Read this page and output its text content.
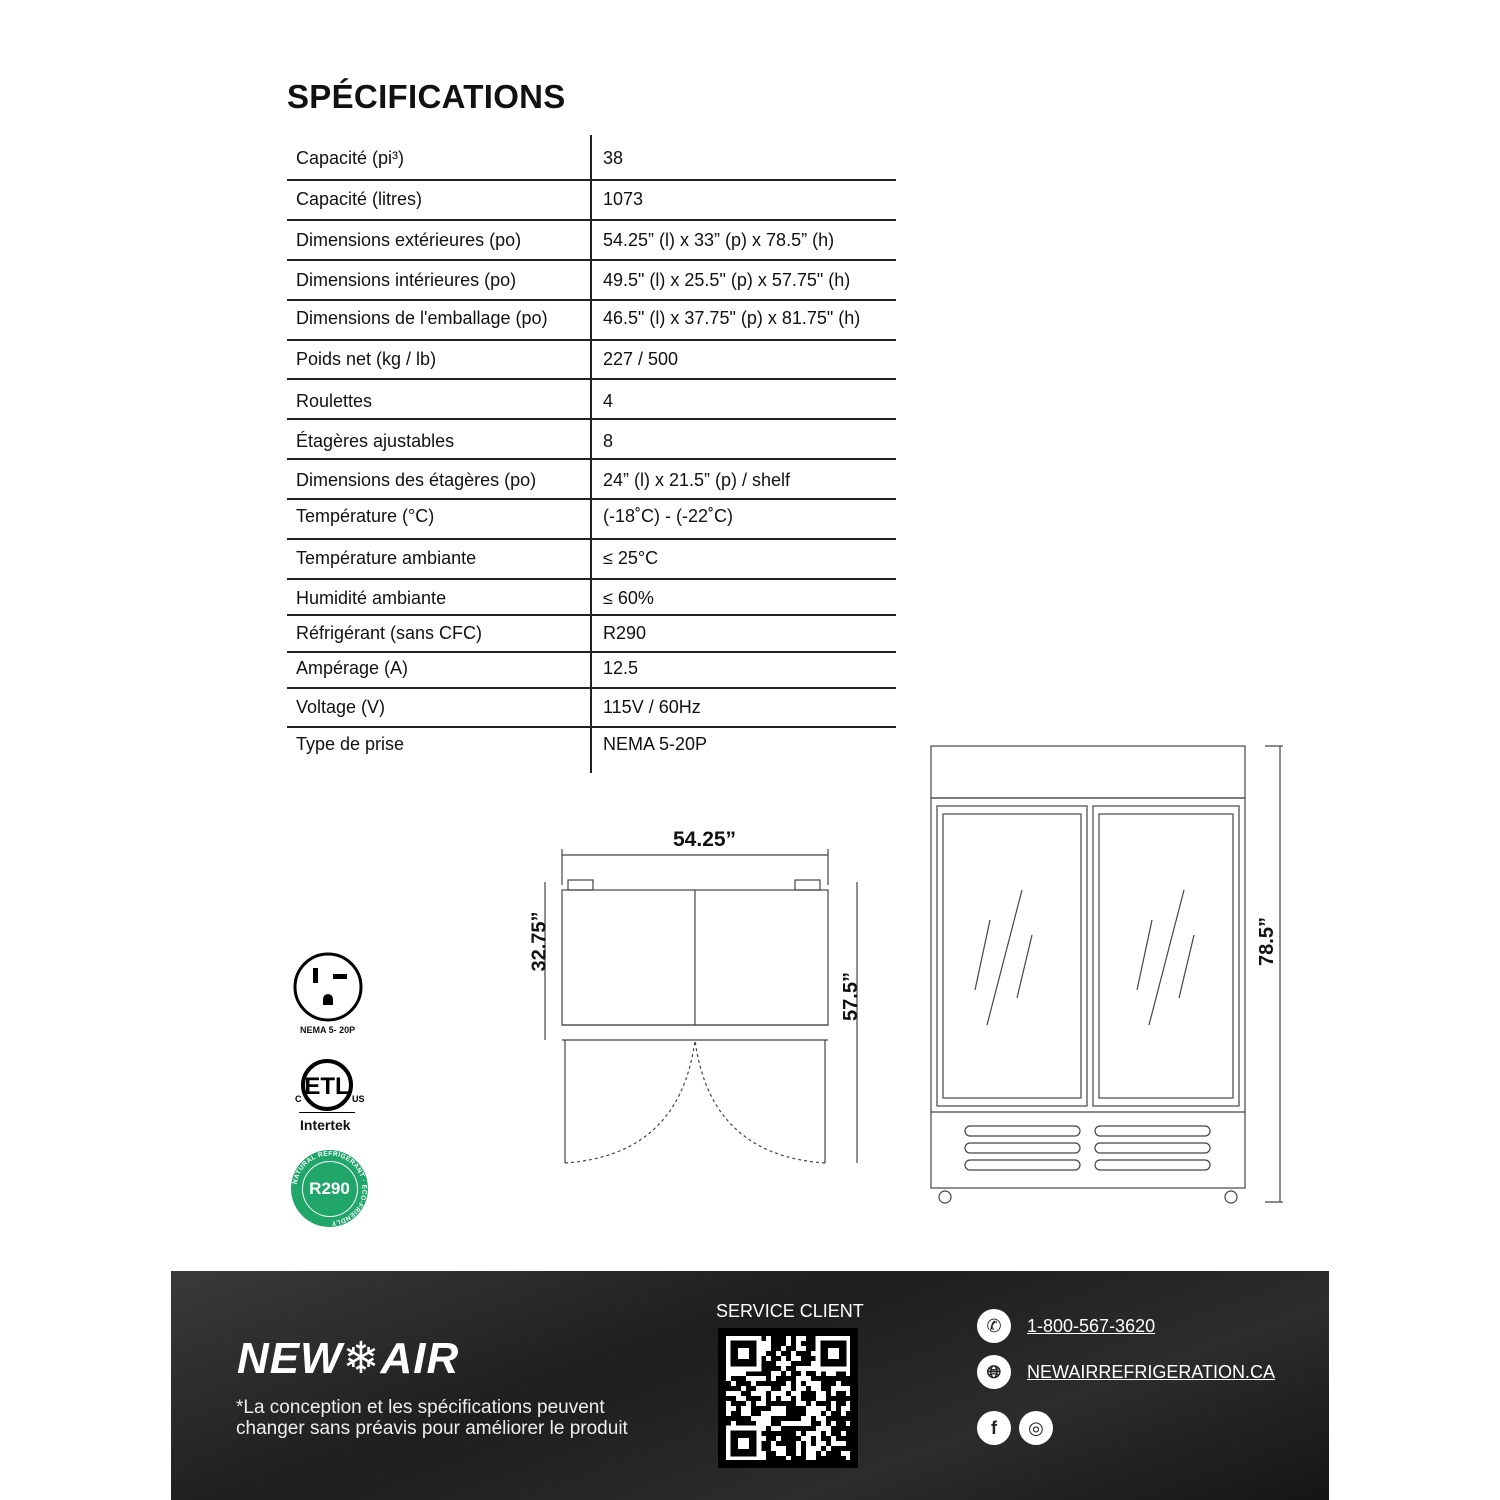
SPÉCIFICATIONS
Capacité (pi³)	38
Capacité (litres)	1073
Dimensions extérieures (po)	54.25” (l) x 33” (p) x 78.5” (h)
Dimensions intérieures (po)	49.5" (l) x 25.5" (p) x 57.75" (h)
Dimensions de l'emballage (po)	46.5" (l) x 37.75" (p) x 81.75" (h)
Poids net (kg / lb)	227 / 500
Roulettes	4
Étagères ajustables	8
Dimensions des étagères (po)	24” (l) x 21.5” (p) / shelf
Température (°C)	(-18˚C) - (-22˚C)
Température ambiante	≤ 25°C
Humidité ambiante	≤ 60%
Réfrigérant (sans CFC)	R290
Ampérage (A)	12.5
Voltage (V)	115V / 60Hz
Type de prise	NEMA 5-20P
NEMA 5- 20P
ETL
C	US
Intertek
NATURAL REFRIGERANT · ECO-FRIENDLY
R290
54.25”
32.75”
57.5”
78.5”
NEW❄AIR
*La conception et les spécifications peuvent
changer sans préavis pour améliorer le produit
SERVICE CLIENT
✆	1-800-567-3620
🌐︎	NEWAIRREFRIGERATION.CA
f	◎
